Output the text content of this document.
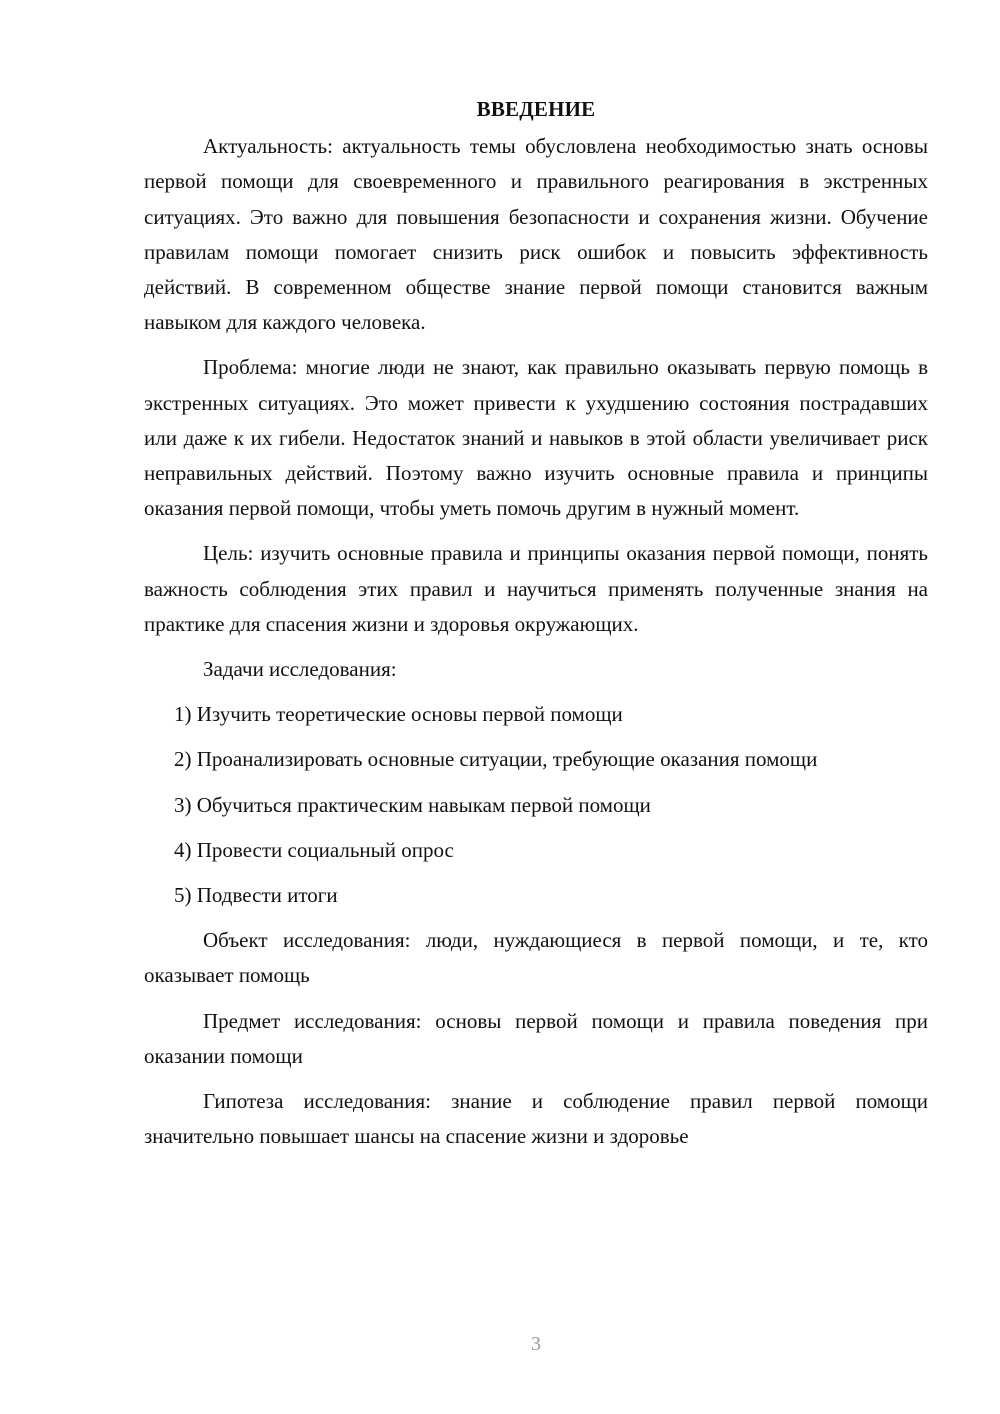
ВВЕДЕНИЕ

Актуальность: актуальность темы обусловлена необходимостью знать основы первой помощи для своевременного и правильного реагирования в экстренных ситуациях. Это важно для повышения безопасности и сохранения жизни. Обучение правилам помощи помогает снизить риск ошибок и повысить эффективность действий. В современном обществе знание первой помощи становится важным навыком для каждого человека.

Проблема: многие люди не знают, как правильно оказывать первую помощь в экстренных ситуациях. Это может привести к ухудшению состояния пострадавших или даже к их гибели. Недостаток знаний и навыков в этой области увеличивает риск неправильных действий. Поэтому важно изучить основные правила и принципы оказания первой помощи, чтобы уметь помочь другим в нужный момент.

Цель: изучить основные правила и принципы оказания первой помощи, понять важность соблюдения этих правил и научиться применять полученные знания на практике для спасения жизни и здоровья окружающих.

Задачи исследования:

1) Изучить теоретические основы первой помощи

2) Проанализировать основные ситуации, требующие оказания помощи

3) Обучиться практическим навыкам первой помощи

4) Провести социальный опрос

5) Подвести итоги

Объект исследования: люди, нуждающиеся в первой помощи, и те, кто оказывает помощь

Предмет исследования: основы первой помощи и правила поведения при оказании помощи

Гипотеза исследования: знание и соблюдение правил первой помощи значительно повышает шансы на спасение жизни и здоровье

3
